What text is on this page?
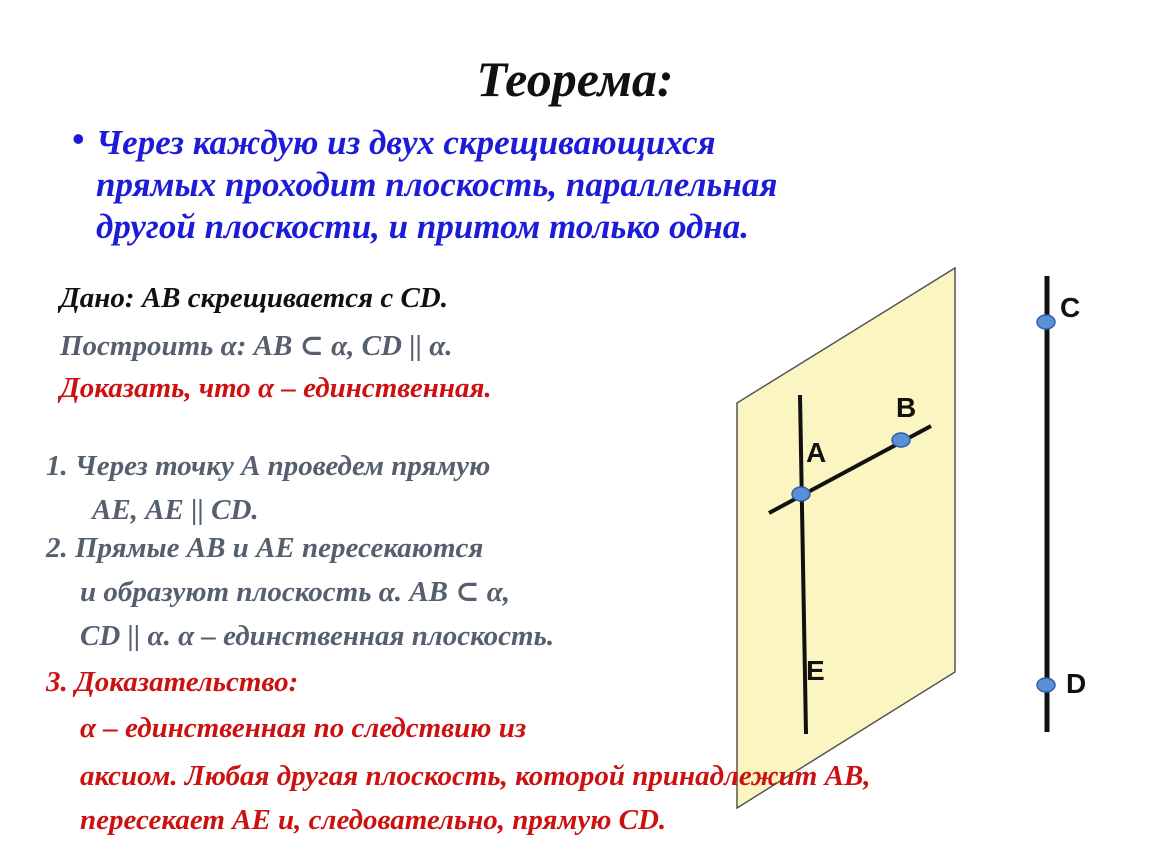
B
A
C
D
E
Теорема:
• Через каждую из двух скрещивающихся
прямых проходит плоскость, параллельная
другой плоскости, и притом только одна.
Дано: AB скрещивается с CD.
Построить α: AB ⊂ α, CD || α.
Доказать, что α – единственная.
1. Через точку А проведем прямую
АЕ, АЕ || CD.
2. Прямые АВ и АЕ пересекаются
и образуют плоскость α. AB ⊂ α,
CD || α. α – единственная плоскость.
3. Доказательство:
α – единственная по следствию из
аксиом. Любая другая плоскость, которой принадлежит АВ,
пересекает АЕ и, следовательно, прямую CD.
